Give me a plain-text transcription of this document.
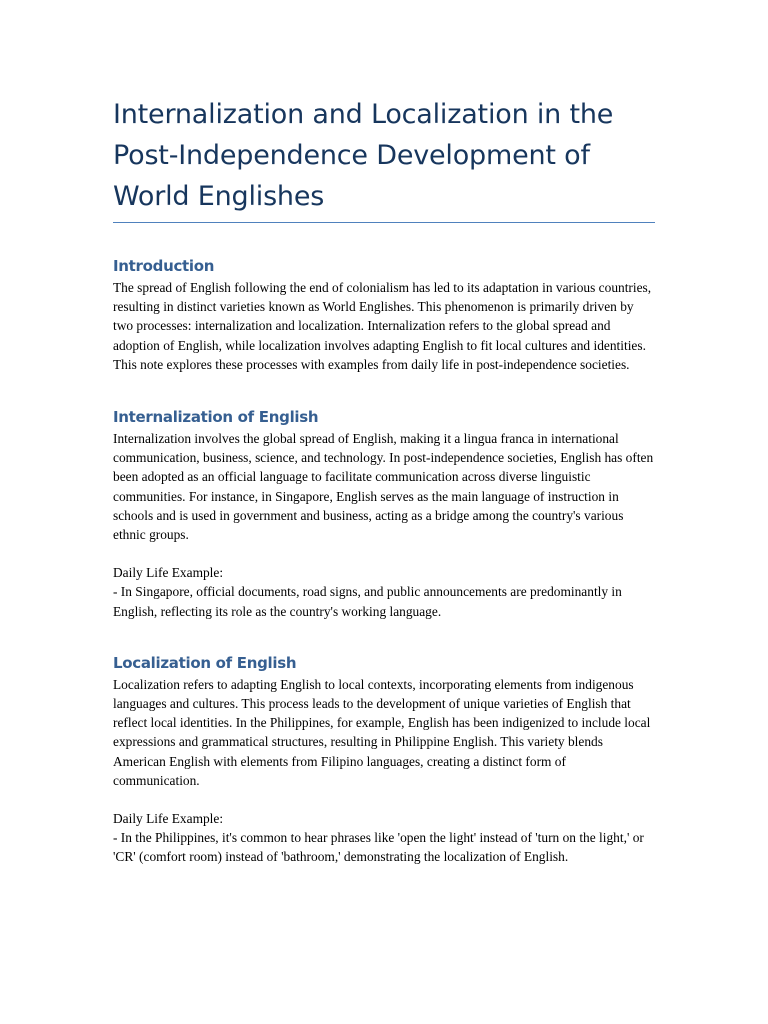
Internalization and Localization in the Post-Independence Development of World Englishes
Introduction

The spread of English following the end of colonialism has led to its adaptation in various countries, resulting in distinct varieties known as World Englishes. This phenomenon is primarily driven by two processes: internalization and localization. Internalization refers to the global spread and adoption of English, while localization involves adapting English to fit local cultures and identities. This note explores these processes with examples from daily life in post-independence societies.

Internalization of English

Internalization involves the global spread of English, making it a lingua franca in international communication, business, science, and technology. In post-independence societies, English has often been adopted as an official language to facilitate communication across diverse linguistic communities. For instance, in Singapore, English serves as the main language of instruction in schools and is used in government and business, acting as a bridge among the country's various ethnic groups.

Daily Life Example:

- In Singapore, official documents, road signs, and public announcements are predominantly in English, reflecting its role as the country's working language.

Localization of English

Localization refers to adapting English to local contexts, incorporating elements from indigenous languages and cultures. This process leads to the development of unique varieties of English that reflect local identities. In the Philippines, for example, English has been indigenized to include local expressions and grammatical structures, resulting in Philippine English. This variety blends American English with elements from Filipino languages, creating a distinct form of communication.

Daily Life Example:

- In the Philippines, it's common to hear phrases like 'open the light' instead of 'turn on the light,' or 'CR' (comfort room) instead of 'bathroom,' demonstrating the localization of English.
